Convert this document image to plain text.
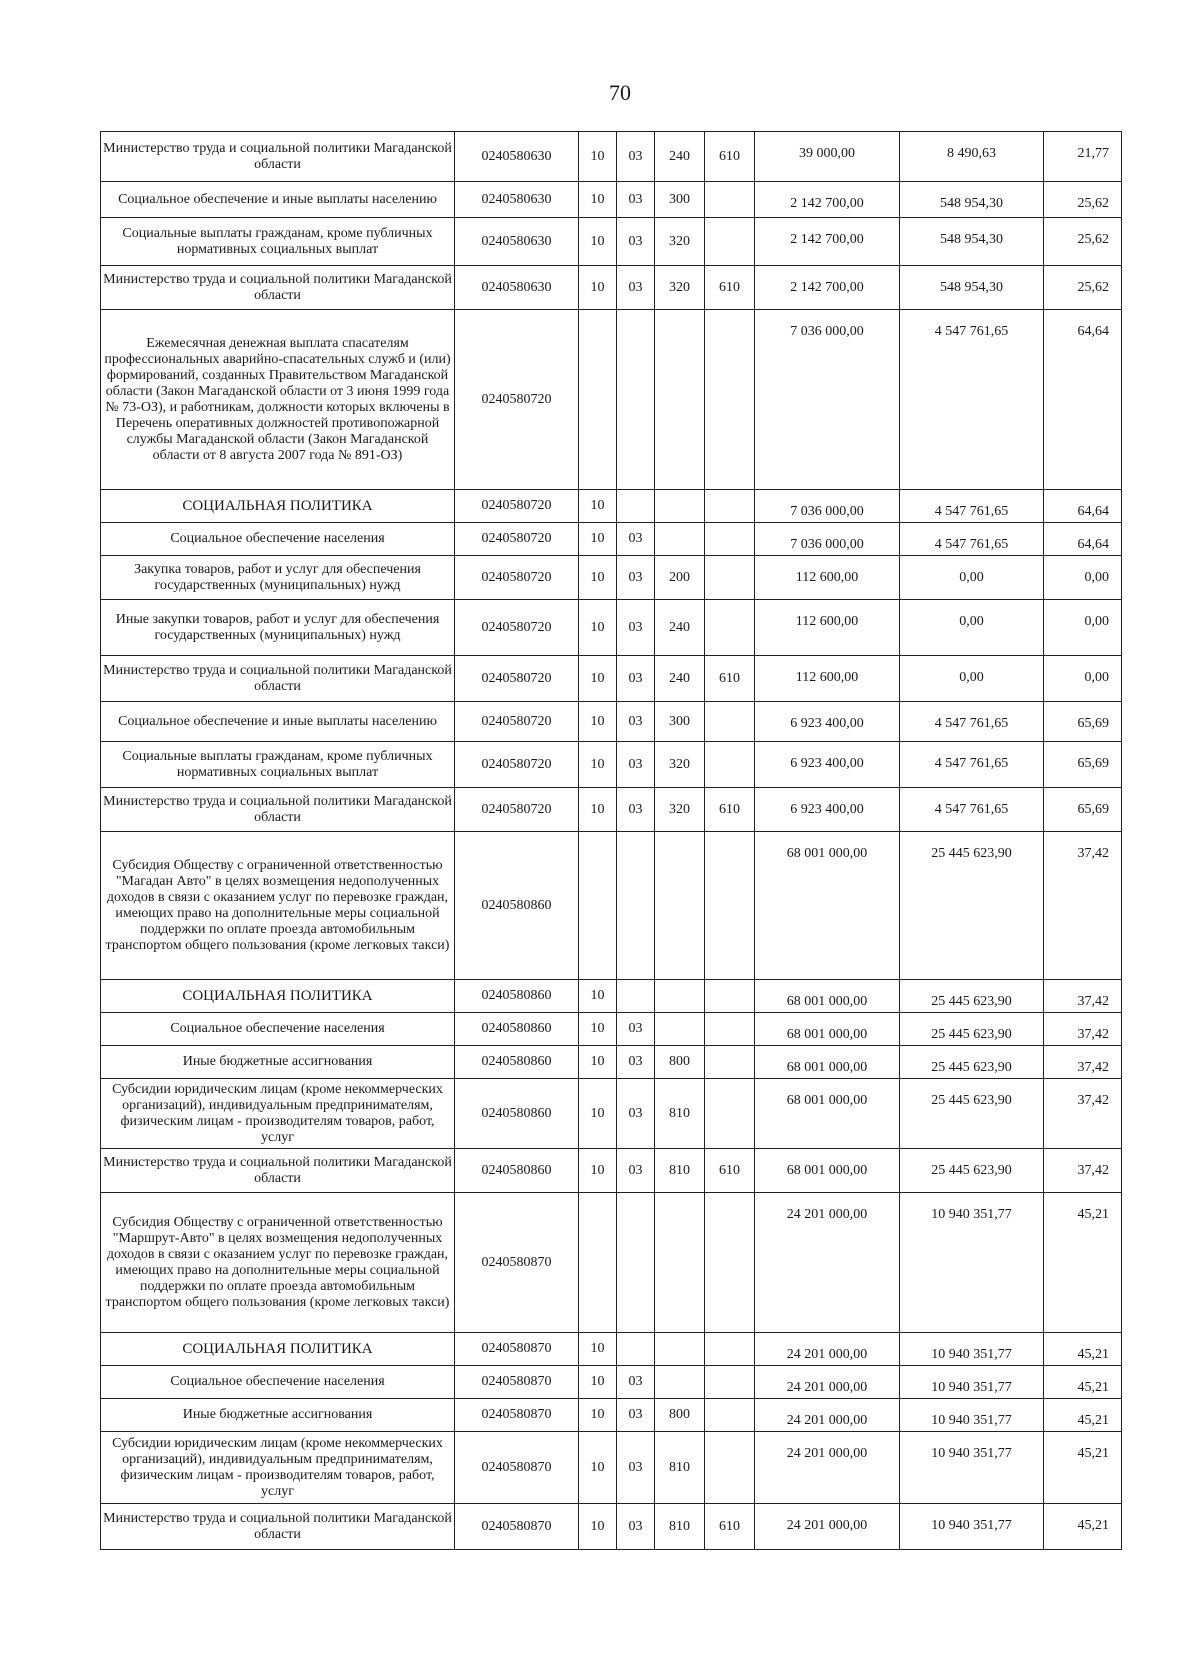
70
Министерство труда и социальной политики Магаданской области	0240580630	10	03	240	610	39 000,00	8 490,63	21,77
Социальное обеспечение и иные выплаты населению	0240580630	10	03	300		2 142 700,00	548 954,30	25,62
Социальные выплаты гражданам, кроме публичных нормативных социальных выплат	0240580630	10	03	320		2 142 700,00	548 954,30	25,62
Министерство труда и социальной политики Магаданской области	0240580630	10	03	320	610	2 142 700,00	548 954,30	25,62
Ежемесячная денежная выплата спасателям профессиональных аварийно-спасательных служб и (или) формирований, созданных Правительством Магаданской области (Закон Магаданской области от 3 июня 1999 года № 73-ОЗ), и работникам, должности которых включены в Перечень оперативных должностей противопожарной службы Магаданской области (Закон Магаданской области от 8 августа 2007 года № 891-ОЗ)	0240580720					7 036 000,00	4 547 761,65	64,64
СОЦИАЛЬНАЯ ПОЛИТИКА	0240580720	10				7 036 000,00	4 547 761,65	64,64
Социальное обеспечение населения	0240580720	10	03			7 036 000,00	4 547 761,65	64,64
Закупка товаров, работ и услуг для обеспечения государственных (муниципальных) нужд	0240580720	10	03	200		112 600,00	0,00	0,00
Иные закупки товаров, работ и услуг для обеспечения государственных (муниципальных) нужд	0240580720	10	03	240		112 600,00	0,00	0,00
Министерство труда и социальной политики Магаданской области	0240580720	10	03	240	610	112 600,00	0,00	0,00
Социальное обеспечение и иные выплаты населению	0240580720	10	03	300		6 923 400,00	4 547 761,65	65,69
Социальные выплаты гражданам, кроме публичных нормативных социальных выплат	0240580720	10	03	320		6 923 400,00	4 547 761,65	65,69
Министерство труда и социальной политики Магаданской области	0240580720	10	03	320	610	6 923 400,00	4 547 761,65	65,69
Субсидия Обществу с ограниченной ответственностью "Магадан Авто" в целях возмещения недополученных доходов в связи с оказанием услуг по перевозке граждан, имеющих право на дополнительные меры социальной поддержки по оплате проезда автомобильным транспортом общего пользования (кроме легковых такси)	0240580860					68 001 000,00	25 445 623,90	37,42
СОЦИАЛЬНАЯ ПОЛИТИКА	0240580860	10				68 001 000,00	25 445 623,90	37,42
Социальное обеспечение населения	0240580860	10	03			68 001 000,00	25 445 623,90	37,42
Иные бюджетные ассигнования	0240580860	10	03	800		68 001 000,00	25 445 623,90	37,42
Субсидии юридическим лицам (кроме некоммерческих организаций), индивидуальным предпринимателям, физическим лицам - производителям товаров, работ, услуг	0240580860	10	03	810		68 001 000,00	25 445 623,90	37,42
Министерство труда и социальной политики Магаданской области	0240580860	10	03	810	610	68 001 000,00	25 445 623,90	37,42
Субсидия Обществу с ограниченной ответственностью "Маршрут-Авто" в целях возмещения недополученных доходов в связи с оказанием услуг по перевозке граждан, имеющих право на дополнительные меры социальной поддержки по оплате проезда автомобильным транспортом общего пользования (кроме легковых такси)	0240580870					24 201 000,00	10 940 351,77	45,21
СОЦИАЛЬНАЯ ПОЛИТИКА	0240580870	10				24 201 000,00	10 940 351,77	45,21
Социальное обеспечение населения	0240580870	10	03			24 201 000,00	10 940 351,77	45,21
Иные бюджетные ассигнования	0240580870	10	03	800		24 201 000,00	10 940 351,77	45,21
Субсидии юридическим лицам (кроме некоммерческих организаций), индивидуальным предпринимателям, физическим лицам - производителям товаров, работ, услуг	0240580870	10	03	810		24 201 000,00	10 940 351,77	45,21
Министерство труда и социальной политики Магаданской области	0240580870	10	03	810	610	24 201 000,00	10 940 351,77	45,21
